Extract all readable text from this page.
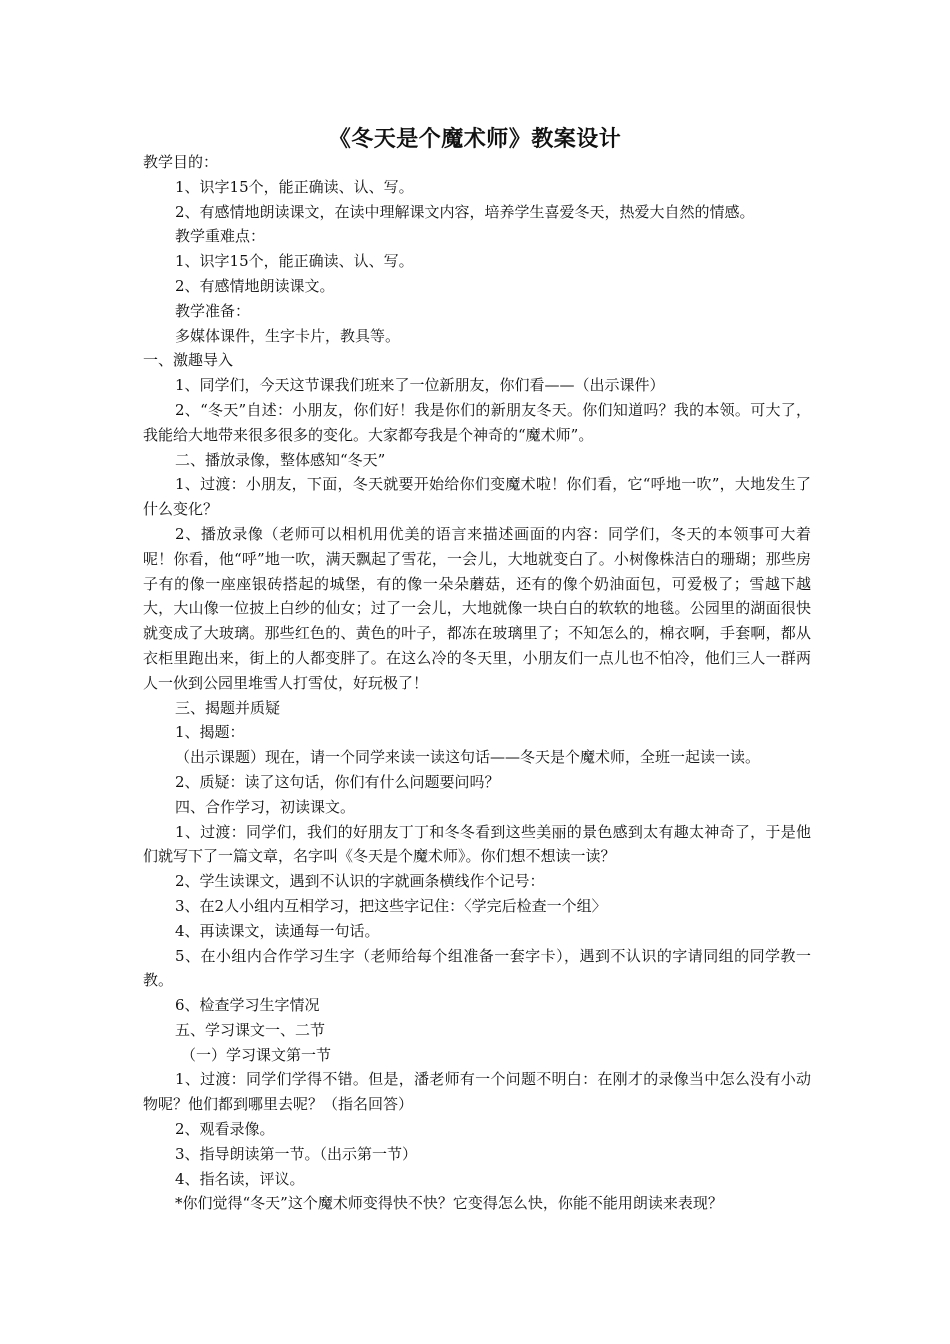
《冬天是个魔术师》教案设计

教学目的：

1、识字15个，能正确读、认、写。

2、有感情地朗读课文，在读中理解课文内容，培养学生喜爱冬天，热爱大自然的情感。

教学重难点：

1、识字15个，能正确读、认、写。

2、有感情地朗读课文。

教学准备：

多媒体课件，生字卡片，教具等。

一、激趣导入

1、同学们，今天这节课我们班来了一位新朋友，你们看——（出示课件）

2、“冬天”自述：小朋友，你们好！我是你们的新朋友冬天。你们知道吗？我的本领。可大了，我能给大地带来很多很多的变化。大家都夸我是个神奇的“魔术师”。

二、播放录像，整体感知“冬天”

1、过渡：小朋友，下面，冬天就要开始给你们变魔术啦！你们看，它“呼地一吹”，大地发生了什么变化？

2、播放录像（老师可以相机用优美的语言来描述画面的内容：同学们，冬天的本领事可大着呢！你看，他“呼”地一吹，满天飘起了雪花，一会儿，大地就变白了。小树像株洁白的珊瑚；那些房子有的像一座座银砖搭起的城堡，有的像一朵朵蘑菇，还有的像个奶油面包，可爱极了；雪越下越大，大山像一位披上白纱的仙女；过了一会儿，大地就像一块白白的软软的地毯。公园里的湖面很快就变成了大玻璃。那些红色的、黄色的叶子，都冻在玻璃里了；不知怎么的，棉衣啊，手套啊，都从衣柜里跑出来，街上的人都变胖了。在这么冷的冬天里，小朋友们一点儿也不怕冷，他们三人一群两人一伙到公园里堆雪人打雪仗，好玩极了！

三、揭题并质疑

1、揭题：

（出示课题）现在，请一个同学来读一读这句话——冬天是个魔术师，全班一起读一读。

2、质疑：读了这句话，你们有什么问题要问吗？

四、合作学习，初读课文。

1、过渡：同学们，我们的好朋友丁丁和冬冬看到这些美丽的景色感到太有趣太神奇了，于是他们就写下了一篇文章，名字叫《冬天是个魔术师》。你们想不想读一读？

2、学生读课文，遇到不认识的字就画条横线作个记号：

3、在2人小组内互相学习，把这些字记住：〈学完后检查一个组〉

4、再读课文，读通每一句话。

5、在小组内合作学习生字（老师给每个组准备一套字卡），遇到不认识的字请同组的同学教一教。

6、检查学习生字情况

五、学习课文一、二节

（一）学习课文第一节

1、过渡：同学们学得不错。但是，潘老师有一个问题不明白：在刚才的录像当中怎么没有小动物呢？他们都到哪里去呢？（指名回答）

2、观看录像。

3、指导朗读第一节。（出示第一节）

4、指名读，评议。

*你们觉得“冬天”这个魔术师变得快不快？它变得怎么快，你能不能用朗读来表现？
